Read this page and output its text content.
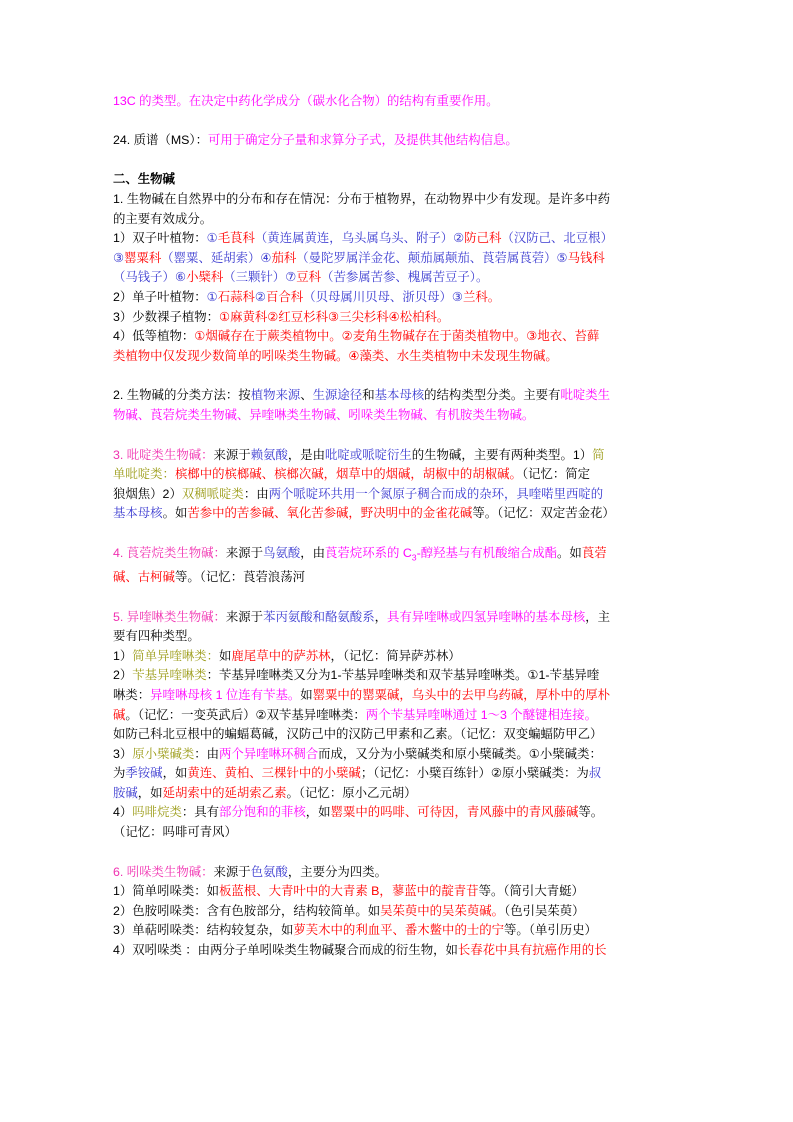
13C 的类型。在决定中药化学成分（碳水化合物）的结构有重要作用。

24. 质谱（MS）：可用于确定分子量和求算分子式，及提供其他结构信息。

二、生物碱

1. 生物碱在自然界中的分布和存在情况：分布于植物界，在动物界中少有发现。是许多中药

的主要有效成分。

1）双子叶植物：①毛茛科（黄连属黄连，乌头属乌头、附子）②防己科（汉防己、北豆根）

③罂粟科（罂粟、延胡索）④茄科（曼陀罗属洋金花、颠茄属颠茄、莨菪属莨菪）⑤马钱科

（马钱子）⑥小檗科（三颗针）⑦豆科（苦参属苦参、槐属苦豆子）。

2）单子叶植物：①石蒜科②百合科（贝母属川贝母、浙贝母）③兰科。

3）少数裸子植物：①麻黄科②红豆杉科③三尖杉科④松柏科。

4）低等植物：①烟碱存在于蕨类植物中。②麦角生物碱存在于菌类植物中。③地衣、苔藓

类植物中仅发现少数简单的吲哚类生物碱。④藻类、水生类植物中未发现生物碱。

2. 生物碱的分类方法：按植物来源、生源途径和基本母核的结构类型分类。主要有吡啶类生

物碱、莨菪烷类生物碱、异喹啉类生物碱、吲哚类生物碱、有机胺类生物碱。

3. 吡啶类生物碱：来源于赖氨酸，是由吡啶或哌啶衍生的生物碱，主要有两种类型。1）简

单吡啶类：槟榔中的槟榔碱、槟榔次碱，烟草中的烟碱，胡椒中的胡椒碱。（记忆：简定

狼烟焦）2）双稠哌啶类：由两个哌啶环共用一个氮原子稠合而成的杂环，具喹喏里西啶的

基本母核。如苦参中的苦参碱、氧化苦参碱，野决明中的金雀花碱等。（记忆：双定苦金花）

4. 莨菪烷类生物碱：来源于鸟氨酸，由莨菪烷环系的 $C_3-$醇羟基与有机酸缩合成酯。如莨菪

碱、古柯碱等。（记忆：莨菪浪荡河

5. 异喹啉类生物碱：来源于苯丙氨酸和酪氨酸系，具有异喹啉或四氢异喹啉的基本母核，主

要有四种类型。

1）简单异喹啉类：如鹿尾草中的萨苏林，（记忆：简异萨苏林）

2）苄基异喹啉类：苄基异喹啉类又分为1-苄基异喹啉类和双苄基异喹啉类。①1-苄基异喹

啉类：异喹啉母核 1 位连有苄基。如罂粟中的罂粟碱，乌头中的去甲乌药碱，厚朴中的厚朴

碱。（记忆：一变英武后）②双苄基异喹啉类：两个苄基异喹啉通过 1～3 个醚键相连接。

如防己科北豆根中的蝙蝠葛碱，汉防己中的汉防己甲素和乙素。（记忆：双变蝙蝠防甲乙）

3）原小檗碱类：由两个异喹啉环稠合而成，又分为小檗碱类和原小檗碱类。①小檗碱类：

为季铵碱，如黄连、黄柏、三棵针中的小檗碱；（记忆：小檗百练针）②原小檗碱类：为叔

胺碱，如延胡索中的延胡索乙素。（记忆：原小乙元胡）

4）吗啡烷类：具有部分饱和的菲核，如罂粟中的吗啡、可待因，青风藤中的青风藤碱等。

（记忆：吗啡可青风）

6. 吲哚类生物碱：来源于色氨酸，主要分为四类。

1）简单吲哚类：如板蓝根、大青叶中的大青素 B，蓼蓝中的靛青苷等。（简引大青蜓）

2）色胺吲哚类：含有色胺部分，结构较简单。如吴茱萸中的吴茱萸碱。（色引吴茱萸）

3）单萜吲哚类：结构较复杂，如萝芙木中的利血平、番木鳖中的士的宁等。（单引历史）

4）双吲哚类 ：由两分子单吲哚类生物碱聚合而成的衍生物，如长春花中具有抗癌作用的长
